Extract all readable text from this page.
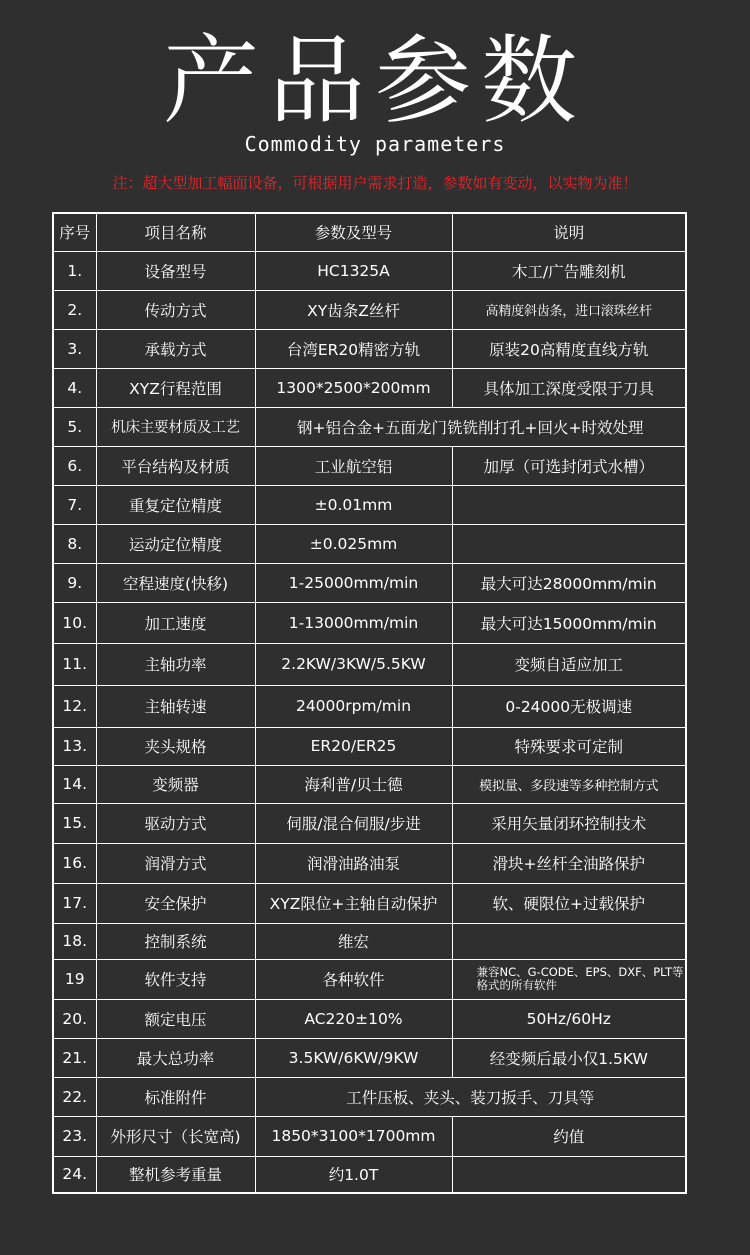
产品参数
Commodity parameters
注：超大型加工幅面设备，可根据用户需求打造，参数如有变动，以实物为准！
序号	项目名称	参数及型号	说明
1.	设备型号	HC1325A	木工/广告雕刻机
2.	传动方式	XY齿条Z丝杆	高精度斜齿条，进口滚珠丝杆
3.	承载方式	台湾ER20精密方轨	原装20高精度直线方轨
4.	XYZ行程范围	1300*2500*200mm	具体加工深度受限于刀具
5.	机床主要材质及工艺	钢+铝合金+五面龙门铣铣削打孔+回火+时效处理	
6.	平台结构及材质	工业航空铝	加厚（可选封闭式水槽）
7.	重复定位精度	±0.01mm	
8.	运动定位精度	±0.025mm	
9.	空程速度(快移)	1-25000mm/min	最大可达28000mm/min
10.	加工速度	1-13000mm/min	最大可达15000mm/min
11.	主轴功率	2.2KW/3KW/5.5KW	变频自适应加工
12.	主轴转速	24000rpm/min	0-24000无极调速
13.	夹头规格	ER20/ER25	特殊要求可定制
14.	变频器	海利普/贝士德	模拟量、多段速等多种控制方式
15.	驱动方式	伺服/混合伺服/步进	采用矢量闭环控制技术
16.	润滑方式	润滑油路油泵	滑块+丝杆全油路保护
17.	安全保护	XYZ限位+主轴自动保护	软、硬限位+过载保护
18.	控制系统	维宏	
19	软件支持	各种软件	兼容NC、G-CODE、EPS、DXF、PLT等格式的所有软件
20.	额定电压	AC220±10%	50Hz/60Hz
21.	最大总功率	3.5KW/6KW/9KW	经变频后最小仅1.5KW
22.	标准附件	工件压板、夹头、装刀扳手、刀具等	
23.	外形尺寸（长宽高)	1850*3100*1700mm	约值
24.	整机参考重量	约1.0T	
